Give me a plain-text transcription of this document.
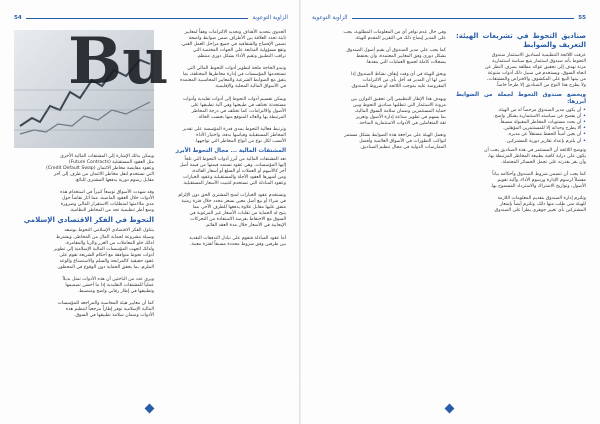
54	الزاوية التوعوية
Bu	الجدوى بتحديد الأهداف وتحديد الالتزامات وفقاً لمعايير
ثابتة تحدد العلاقة بين الأطراف ضمن ضوابط واضحة
تضمن الإفصاح والشفافية في جميع مراحل العمل الفني.
وتقع مسؤولية المتابعة على الجهات المختصة التي
تراقب التطبيق وتقيم الأداء بشكل دوري منتظم.

وتبدو الحاجة ملحة لتطوير أدوات التحوط المالي التي
تستخدمها المؤسسات في إدارة مخاطرها المختلفة، بما
يتفق مع الضوابط الشرعية والمعايير المحاسبية المعتمدة
في الأسواق المالية المحلية والإقليمية.

ويمكن تقسيم أدوات التحوط إلى أدوات تقليدية وأدوات
مستحدثة تختلف في طبيعتها وفي آلية تطبيقها على
الأصول والالتزامات، كما تختلف في درجة المخاطر
المرتبطة بها والعائد المتوقع منها بحسب الحالة.

وترتبط فعالية التحوط بمدى قدرة المؤسسة على تقدير
المخاطر المستقبلية وقياسها بدقة، واختيار الأداة
الأنسب لكل نوع من أنواع المخاطر التي تواجهها.
المشتقات المالية ... مجال التحوط الأبرز
تعد المشتقات المالية من أبرز أدوات التحوط التي تلجأ
إليها المؤسسات، وهي عقود تستمد قيمتها من قيمة أصل
آخر كالأسهم أو العملات أو السلع أو أسعار الفائدة،
ومن أشهرها العقود الآجلة والمستقبلية وعقود الخيارات
وعقود المبادلة التي تستخدم لتثبيت الأسعار المستقبلية.

وتستخدم عقود الخيارات لمنح المشتري الحق دون الإلزام
في شراء أو بيع أصل معين بسعر محدد خلال فترة زمنية
متفق عليها مقابل علاوة يدفعها للطرف الآخر، مما
يتيح له الحماية من تقلبات الأسعار غير المرغوبة في
السوق مع الاحتفاظ بفرصة الاستفادة من التحركات
الإيجابية في الأسعار خلال مدة العقد القائم.

أما عقود المبادلة فتقوم على تبادل التدفقات النقدية
بين طرفين وفق شروط محددة مسبقاً لفترة معينة.
ويمكن بذلك الإشارة إلى المشتقات المالية الأخرى
مثل العقود المستقبلية (Future Contracts)
وعقود مقايضة مخاطر الائتمان (Credit Default Swap)
التي تستخدم لنقل مخاطر الائتمان من طرف إلى آخر
مقابل رسوم دورية يدفعها المشتري للبائع.

وقد شهدت الأسواق توسعاً كبيراً في استخدام هذه
الأدوات خلال العقود الماضية، مما أثار نقاشاً حول
مدى ملاءمتها لمتطلبات الاستقرار المالي وضرورة
وضع أطر تنظيمية تحد من المخاطر النظامية.
التحوط في الفكر الاقتصادي الإسلامي
يتناول الفكر الاقتصادي الإسلامي التحوط بوصفه
وسيلة مشروعة لحماية المال من المخاطر، ويشترط
لذلك خلو المعاملات من الغرر والربا والمقامرة،
ولذلك اتجهت المؤسسات المالية الإسلامية إلى تطوير
أدوات تحوط متوافقة مع أحكام الشريعة تقوم على
عقود حقيقية كالمرابحة والسلم والاستصناع والوعد
الملزم، بما يحقق الحماية دون الوقوع في المحظور.

ويرى عدد من الباحثين أن هذه الأدوات تمثل بديلاً
عملياً للمشتقات التقليدية إذا ما أحسن تصميمها
وتطبيقها في إطار رقابي واضح ومنضبط.

كما أن معايير هيئة المحاسبة والمراجعة للمؤسسات
المالية الإسلامية توفر إطاراً مرجعياً لتنظيم هذه
الأدوات وضمان سلامة تطبيقها في السوق.
الزاوية التوعوية	55
صناديق التحوط في تشريعات الهيئة: التعريف والضوابط
عرفت اللائحة التنظيمية لصناديق الاستثمار صندوق
التحوط بأنه صندوق استثمار يتبع سياسة استثمارية
مرنة تهدف إلى تحقيق عوائد مطلقة بصرف النظر عن
اتجاه السوق، ويستخدم في سبيل ذلك أدوات متنوعة
من بينها البيع على المكشوف والاقتراض والمشتقات،
ولا يطرح هذا النوع من الصناديق إلا طرحاً خاصاً.
ويخضع صندوق التحوط لجملة من الضوابط أبرزها:
• أن يكون مدير الصندوق مرخصاً له من الهيئة.
• أن يفصح عن سياسته الاستثمارية بشكل واضح.
• أن يحدد مستويات المخاطر المقبولة مسبقاً.
• ألا يطرح وحداته إلا للمستثمرين المؤهلين.
• أن يعين أميناً للحفظ مستقلاً عن مديره.
• أن يلتزم بإعداد تقارير دورية للمشتركين.
وتوضح اللائحة أن المستثمر في هذه الصناديق يجب أن
يكون على دراية كافية بطبيعة المخاطر المرتبطة بها،
وأن يقر بقدرته على تحمل الخسائر المحتملة.

كما يجب أن تتضمن شروط الصندوق وأحكامه بياناً
مفصلاً لرسوم الإدارة ورسوم الأداء، وآلية تقويم
الأصول، وتواريخ الاشتراك والاسترداد المسموح بها.

وتلتزم إدارة الصندوق بتقديم المعلومات اللازمة
للهيئة متى طلب منها ذلك، وتلتزم أيضاً بإشعار
المشتركين بأي تغيير جوهري يطرأ على الصندوق.
وفي حال عدم توافر أي من المعلومات المطلوبة، يجب
على المدير إيضاح ذلك في التقرير المقدم للهيئة.

كما يجب على مدير الصندوق أن يقيم أصول الصندوق
بشكل دوري وفق المعايير المعتمدة، وأن يحتفظ
بسجلات كاملة لجميع العمليات التي ينفذها.

ويحق للهيئة في أي وقت إيقاف نشاط الصندوق إذا
تبين لها أن المدير قد أخل بأي من الالتزامات
المفروضة عليه بموجب اللائحة أو شروط الصندوق.

ويهدف هذا الإطار التنظيمي إلى تحقيق التوازن بين
مرونة الاستثمار التي تتطلبها صناديق التحوط وبين
حماية المستثمرين وضمان سلامة السوق المالية،
بما يسهم في تطوير صناعة إدارة الأصول وتعزيز
ثقة المتعاملين في الأدوات الاستثمارية المتاحة.

وتعمل الهيئة على مراجعة هذه الضوابط بشكل مستمر
لتواكب التطورات في الأسواق العالمية وأفضل
الممارسات الدولية في مجال تنظيم الصناديق.
